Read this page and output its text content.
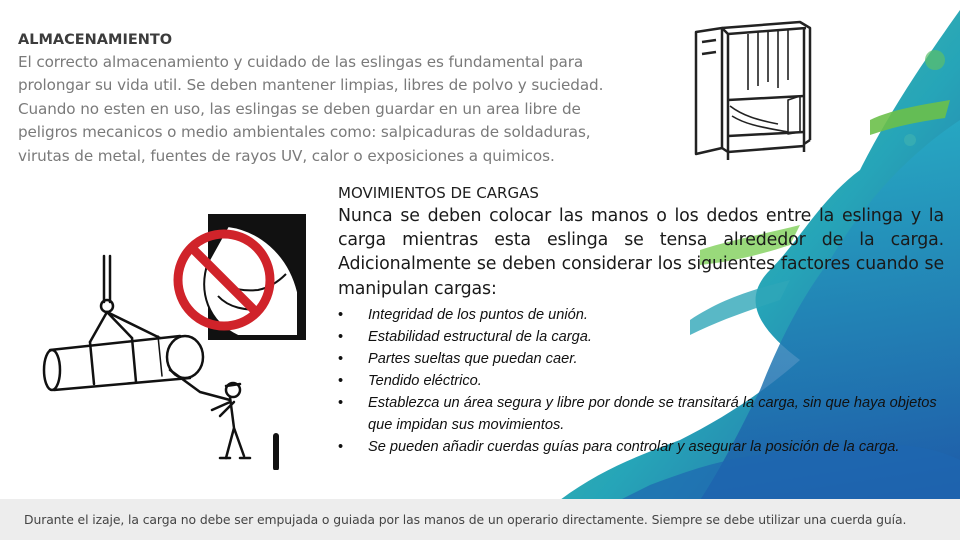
ALMACENAMIENTO
El correcto almacenamiento y cuidado de las eslingas es fundamental para prolongar su vida util. Se deben mantener limpias, libres de polvo y suciedad. Cuando no esten en uso, las eslingas se deben guardar en un area libre de peligros mecanicos o medio ambientales como: salpicaduras de soldaduras, virutas de metal, fuentes de rayos UV, calor o exposiciones a quimicos.
MOVIMIENTOS DE CARGAS
Nunca se deben colocar las manos o los dedos entre la eslinga y la carga mientras esta eslinga se tensa alrededor de la carga. Adicionalmente se deben considerar los siguientes factores cuando se manipulan cargas:
• Integridad de los puntos de unión.
• Estabilidad estructural de la carga.
• Partes sueltas que puedan caer.
• Tendido eléctrico.
• Establezca un área segura y libre por donde se transitará la carga, sin que haya objetos que impidan sus movimientos.
• Se pueden añadir cuerdas guías para controlar y asegurar la posición de la carga.
Durante el izaje, la carga no debe ser empujada o guiada por las manos de un operario directamente. Siempre se debe utilizar una cuerda guía.
